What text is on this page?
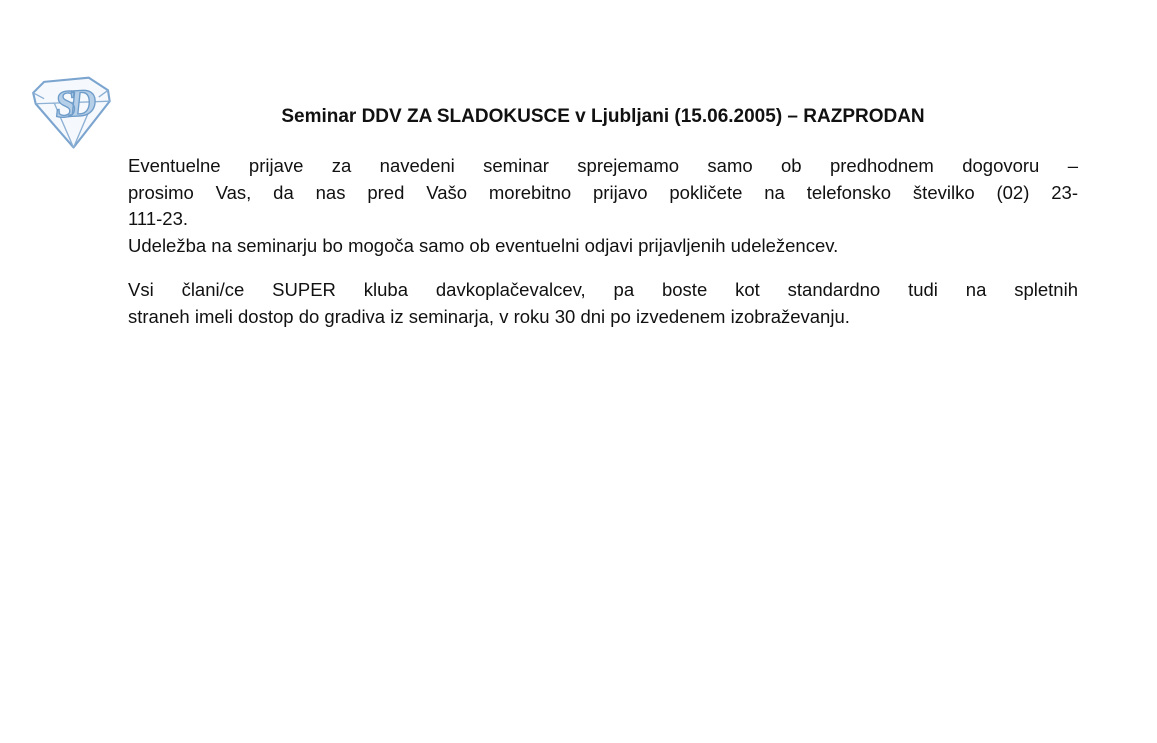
SD	Seminar DDV ZA SLADOKUSCE v Ljubljani (15.06.2005) – RAZPRODAN
Eventuelne prijave za navedeni seminar sprejemamo samo ob predhodnem dogovoru –
prosimo Vas, da nas pred Vašo morebitno prijavo pokličete na telefonsko številko (02) 23-
111-23.
Udeležba na seminarju bo mogoča samo ob eventuelni odjavi prijavljenih udeležencev.
Vsi člani/ce SUPER kluba davkoplačevalcev, pa boste kot standardno tudi na spletnih
straneh imeli dostop do gradiva iz seminarja, v roku 30 dni po izvedenem izobraževanju.
